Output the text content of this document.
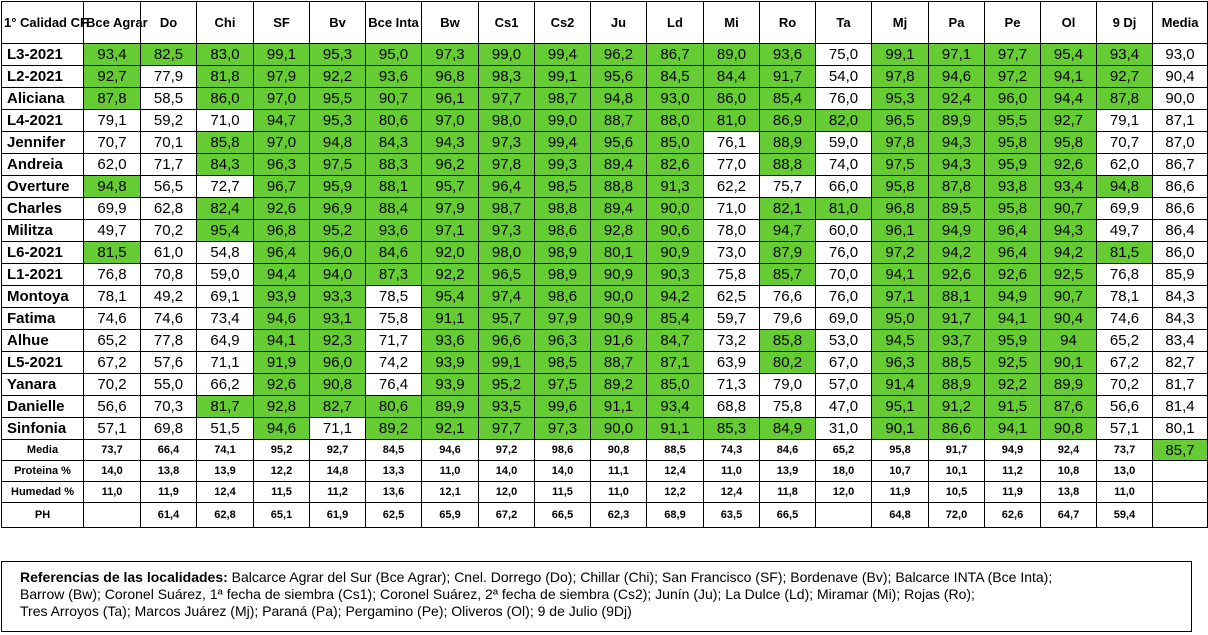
1° Calidad CF	Bce Agrar	Do	Chi	SF	Bv	Bce Inta	Bw	Cs1	Cs2	Ju	Ld	Mi	Ro	Ta	Mj	Pa	Pe	Ol	9 Dj	Media
L3-2021	93,4	82,5	83,0	99,1	95,3	95,0	97,3	99,0	99,4	96,2	86,7	89,0	93,6	75,0	99,1	97,1	97,7	95,4	93,4	93,0
L2-2021	92,7	77,9	81,8	97,9	92,2	93,6	96,8	98,3	99,1	95,6	84,5	84,4	91,7	54,0	97,8	94,6	97,2	94,1	92,7	90,4
Aliciana	87,8	58,5	86,0	97,0	95,5	90,7	96,1	97,7	98,7	94,8	93,0	86,0	85,4	76,0	95,3	92,4	96,0	94,4	87,8	90,0
L4-2021	79,1	59,2	71,0	94,7	95,3	80,6	97,0	98,0	99,0	88,7	88,0	81,0	86,9	82,0	96,5	89,9	95,5	92,7	79,1	87,1
Jennifer	70,7	70,1	85,8	97,0	94,8	84,3	94,3	97,3	99,4	95,6	85,0	76,1	88,9	59,0	97,8	94,3	95,8	95,8	70,7	87,0
Andreia	62,0	71,7	84,3	96,3	97,5	88,3	96,2	97,8	99,3	89,4	82,6	77,0	88,8	74,0	97,5	94,3	95,9	92,6	62,0	86,7
Overture	94,8	56,5	72,7	96,7	95,9	88,1	95,7	96,4	98,5	88,8	91,3	62,2	75,7	66,0	95,8	87,8	93,8	93,4	94,8	86,6
Charles	69,9	62,8	82,4	92,6	96,9	88,4	97,9	98,7	98,8	89,4	90,0	71,0	82,1	81,0	96,8	89,5	95,8	90,7	69,9	86,6
Militza	49,7	70,2	95,4	96,8	95,2	93,6	97,1	97,3	98,6	92,8	90,6	78,0	94,7	60,0	96,1	94,9	96,4	94,3	49,7	86,4
L6-2021	81,5	61,0	54,8	96,4	96,0	84,6	92,0	98,0	98,9	80,1	90,9	73,0	87,9	76,0	97,2	94,2	96,4	94,2	81,5	86,0
L1-2021	76,8	70,8	59,0	94,4	94,0	87,3	92,2	96,5	98,9	90,9	90,3	75,8	85,7	70,0	94,1	92,6	92,6	92,5	76,8	85,9
Montoya	78,1	49,2	69,1	93,9	93,3	78,5	95,4	97,4	98,6	90,0	94,2	62,5	76,6	76,0	97,1	88,1	94,9	90,7	78,1	84,3
Fatima	74,6	74,6	73,4	94,6	93,1	75,8	91,1	95,7	97,9	90,9	85,4	59,7	79,6	69,0	95,0	91,7	94,1	90,4	74,6	84,3
Alhue	65,2	77,8	64,9	94,1	92,3	71,7	93,6	96,6	96,3	91,6	84,7	73,2	85,8	53,0	94,5	93,7	95,9	94	65,2	83,4
L5-2021	67,2	57,6	71,1	91,9	96,0	74,2	93,9	99,1	98,5	88,7	87,1	63,9	80,2	67,0	96,3	88,5	92,5	90,1	67,2	82,7
Yanara	70,2	55,0	66,2	92,6	90,8	76,4	93,9	95,2	97,5	89,2	85,0	71,3	79,0	57,0	91,4	88,9	92,2	89,9	70,2	81,7
Danielle	56,6	70,3	81,7	92,8	82,7	80,6	89,9	93,5	99,6	91,1	93,4	68,8	75,8	47,0	95,1	91,2	91,5	87,6	56,6	81,4
Sinfonia	57,1	69,8	51,5	94,6	71,1	89,2	92,1	97,7	97,3	90,0	91,1	85,3	84,9	31,0	90,1	86,6	94,1	90,8	57,1	80,1
Media	73,7	66,4	74,1	95,2	92,7	84,5	94,6	97,2	98,6	90,8	88,5	74,3	84,6	65,2	95,8	91,7	94,9	92,4	73,7	85,7
Proteina %	14,0	13,8	13,9	12,2	14,8	13,3	11,0	14,0	14,0	11,1	12,4	11,0	13,9	18,0	10,7	10,1	11,2	10,8	13,0	
Humedad %	11,0	11,9	12,4	11,5	11,2	13,6	12,1	12,0	11,5	11,0	12,2	12,4	11,8	12,0	11,9	10,5	11,9	13,8	11,0	
PH		61,4	62,8	65,1	61,9	62,5	65,9	67,2	66,5	62,3	68,9	63,5	66,5		64,8	72,0	62,6	64,7	59,4	
Referencias de las localidades: Balcarce Agrar del Sur (Bce Agrar); Cnel. Dorrego (Do); Chillar (Chi); San Francisco (SF); Bordenave (Bv); Balcarce INTA (Bce Inta);
Barrow (Bw); Coronel Suárez, 1ª fecha de siembra (Cs1); Coronel Suárez, 2ª fecha de siembra (Cs2); Junín (Ju); La Dulce (Ld); Miramar (Mi); Rojas (Ro);
Tres Arroyos (Ta); Marcos Juárez (Mj); Paraná (Pa); Pergamino (Pe); Oliveros (Ol); 9 de Julio (9Dj)
